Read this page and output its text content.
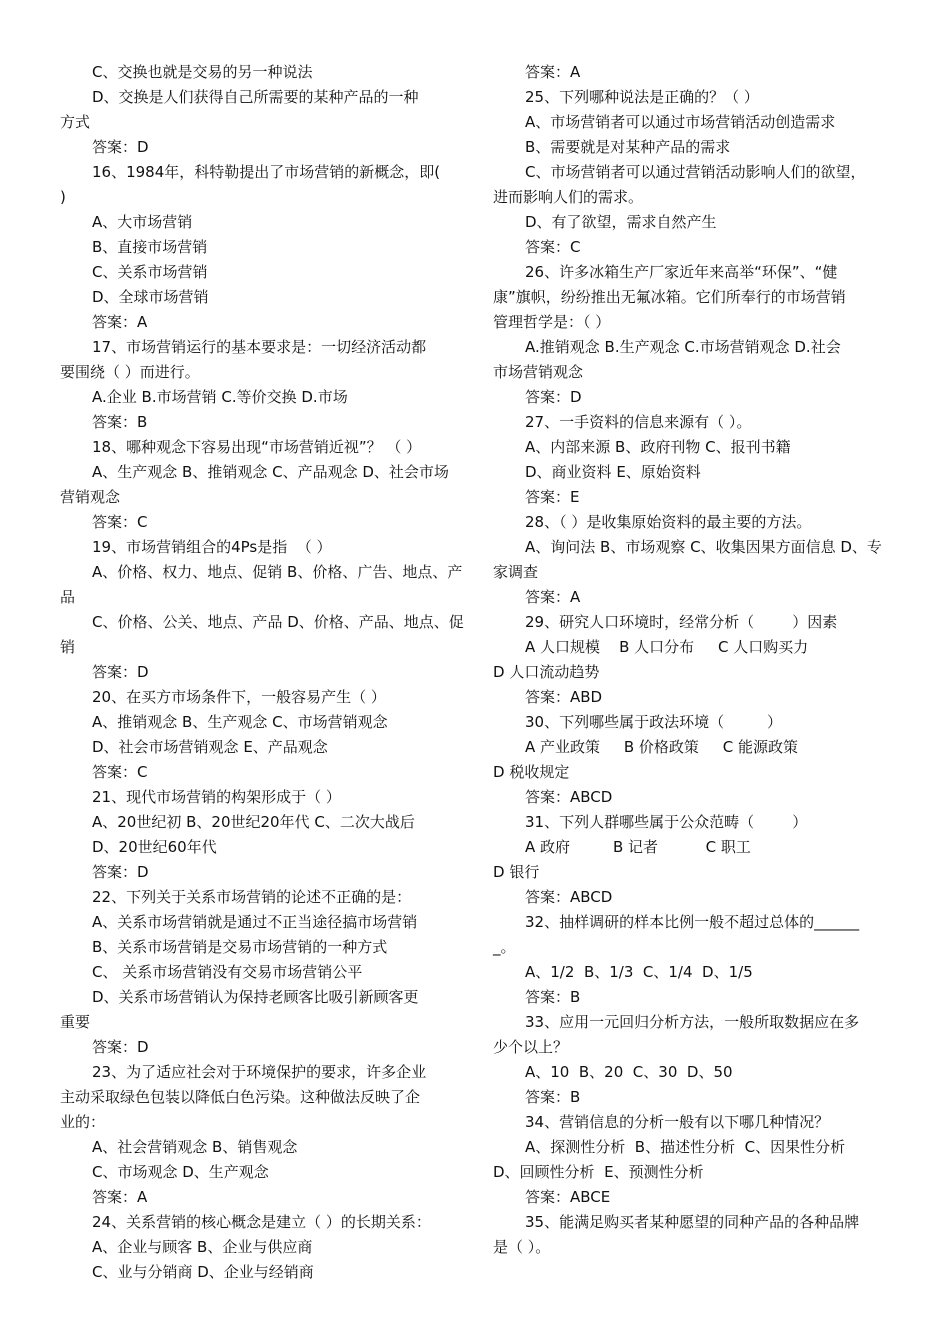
C、交换也就是交易的另一种说法
D、交换是人们获得自己所需要的某种产品的一种
方式
答案：D
16、1984年，科特勒提出了市场营销的新概念，即(
)
A、大市场营销
B、直接市场营销
C、关系市场营销
D、全球市场营销
答案：A
17、市场营销运行的基本要求是：一切经济活动都
要围绕（ ）而进行。
A.企业 B.市场营销 C.等价交换 D.市场
答案：B
18、哪种观念下容易出现“市场营销近视”？ （ ）
A、生产观念 B、推销观念 C、产品观念 D、社会市场
营销观念
答案：C
19、市场营销组合的4Ps是指  （ ）
A、价格、权力、地点、促销 B、价格、广告、地点、产
品
C、价格、公关、地点、产品 D、价格、产品、地点、促
销
答案：D
20、在买方市场条件下，一般容易产生（ ）
A、推销观念 B、生产观念 C、市场营销观念
D、社会市场营销观念 E、产品观念
答案：C
21、现代市场营销的构架形成于（ ）
A、20世纪初 B、20世纪20年代 C、二次大战后
D、20世纪60年代
答案：D
22、下列关于关系市场营销的论述不正确的是：
A、关系市场营销就是通过不正当途径搞市场营销
B、关系市场营销是交易市场营销的一种方式
C、 关系市场营销没有交易市场营销公平
D、关系市场营销认为保持老顾客比吸引新顾客更
重要
答案：D
23、为了适应社会对于环境保护的要求，许多企业
主动采取绿色包装以降低白色污染。这种做法反映了企
业的：
A、社会营销观念 B、销售观念
C、市场观念 D、生产观念
答案：A
24、关系营销的核心概念是建立（ ）的长期关系：
A、企业与顾客 B、企业与供应商
C、业与分销商 D、企业与经销商
答案：A
25、下列哪种说法是正确的？（ ）
A、市场营销者可以通过市场营销活动创造需求
B、需要就是对某种产品的需求
C、市场营销者可以通过营销活动影响人们的欲望，
进而影响人们的需求。
D、有了欲望，需求自然产生
答案：C
26、许多冰箱生产厂家近年来高举“环保”、“健
康”旗帜，纷纷推出无氟冰箱。它们所奉行的市场营销
管理哲学是：（ ）
A.推销观念 B.生产观念 C.市场营销观念 D.社会
市场营销观念
答案：D
27、一手资料的信息来源有（ ）。
A、内部来源 B、政府刊物 C、报刊书籍
D、商业资料 E、原始资料
答案：E
28、（ ）是收集原始资料的最主要的方法。
A、询问法 B、市场观察 C、收集因果方面信息 D、专
家调查
答案：A
29、研究人口环境时，经常分析（        ）因素
A 人口规模    B 人口分布     C 人口购买力
D 人口流动趋势
答案：ABD
30、下列哪些属于政法环境（         ）
A 产业政策     B 价格政策     C 能源政策
D 税收规定
答案：ABCD
31、下列人群哪些属于公众范畴（        ）
A 政府         B 记者          C 职工
D 银行
答案：ABCD
32、抽样调研的样本比例一般不超过总体的______
_。
A、1/2  B、1/3  C、1/4  D、1/5
答案：B
33、应用一元回归分析方法，一般所取数据应在多
少个以上？
A、10  B、20  C、30  D、50
答案：B
34、营销信息的分析一般有以下哪几种情况？
A、探测性分析  B、描述性分析  C、因果性分析
D、回顾性分析  E、预测性分析
答案：ABCE
35、能满足购买者某种愿望的同种产品的各种品牌
是（ ）。
